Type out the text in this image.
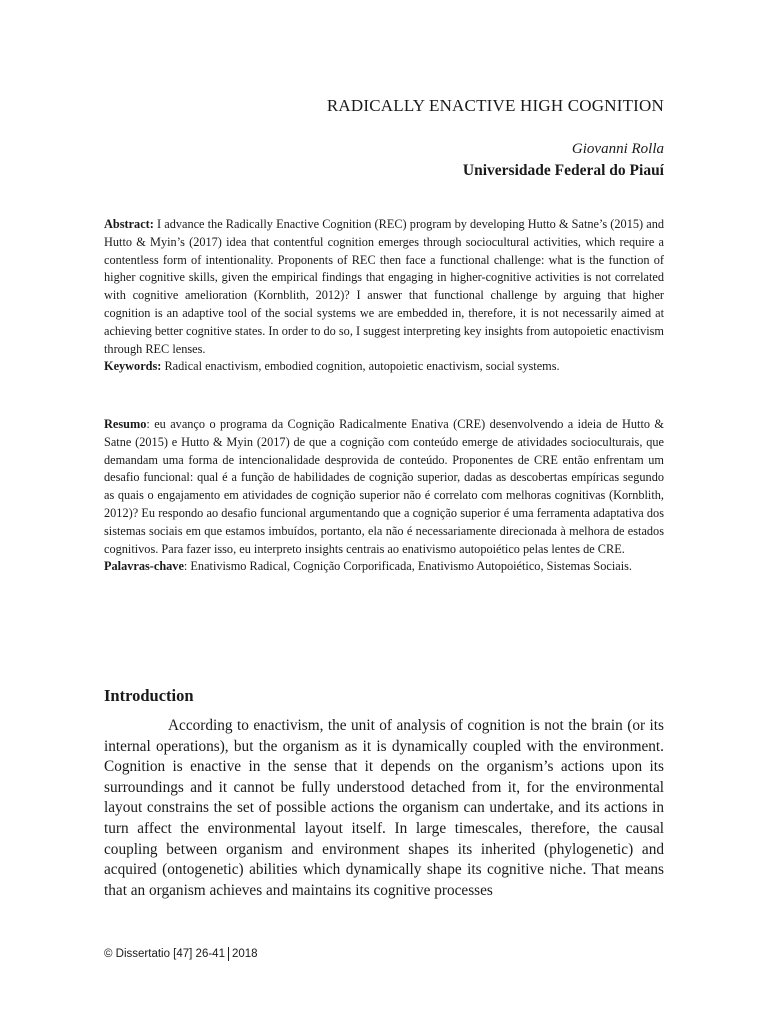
RADICALLY ENACTIVE HIGH COGNITION
Giovanni Rolla
Universidade Federal do Piauí

Abstract: I advance the Radically Enactive Cognition (REC) program by developing Hutto & Satne’s (2015) and Hutto & Myin’s (2017) idea that contentful cognition emerges through sociocultural activities, which require a contentless form of intentionality. Proponents of REC then face a functional challenge: what is the function of higher cognitive skills, given the empirical findings that engaging in higher-cognitive activities is not correlated with cognitive amelioration (Kornblith, 2012)? I answer that functional challenge by arguing that higher cognition is an adaptive tool of the social systems we are embedded in, therefore, it is not necessarily aimed at achieving better cognitive states. In order to do so, I suggest interpreting key insights from autopoietic enactivism through REC lenses.

Keywords: Radical enactivism, embodied cognition, autopoietic enactivism, social systems.

Resumo: eu avanço o programa da Cognição Radicalmente Enativa (CRE) desenvolvendo a ideia de Hutto & Satne (2015) e Hutto & Myin (2017) de que a cognição com conteúdo emerge de atividades socioculturais, que demandam uma forma de intencionalidade desprovida de conteúdo. Proponentes de CRE então enfrentam um desafio funcional: qual é a função de habilidades de cognição superior, dadas as descobertas empíricas segundo as quais o engajamento em atividades de cognição superior não é correlato com melhoras cognitivas (Kornblith, 2012)? Eu respondo ao desafio funcional argumentando que a cognição superior é uma ferramenta adaptativa dos sistemas sociais em que estamos imbuídos, portanto, ela não é necessariamente direcionada à melhora de estados cognitivos. Para fazer isso, eu interpreto insights centrais ao enativismo autopoiético pelas lentes de CRE.

Palavras-chave: Enativismo Radical, Cognição Corporificada, Enativismo Autopoiético, Sistemas Sociais.

Introduction

According to enactivism, the unit of analysis of cognition is not the brain (or its internal operations), but the organism as it is dynamically coupled with the environment. Cognition is enactive in the sense that it depends on the organism’s actions upon its surroundings and it cannot be fully understood detached from it, for the environmental layout constrains the set of possible actions the organism can undertake, and its actions in turn affect the environmental layout itself. In large timescales, therefore, the causal coupling between organism and environment shapes its inherited (phylogenetic) and acquired (ontogenetic) abilities which dynamically shape its cognitive niche. That means that an organism achieves and maintains its cognitive processes

© Dissertatio [47] 26-41 2018
